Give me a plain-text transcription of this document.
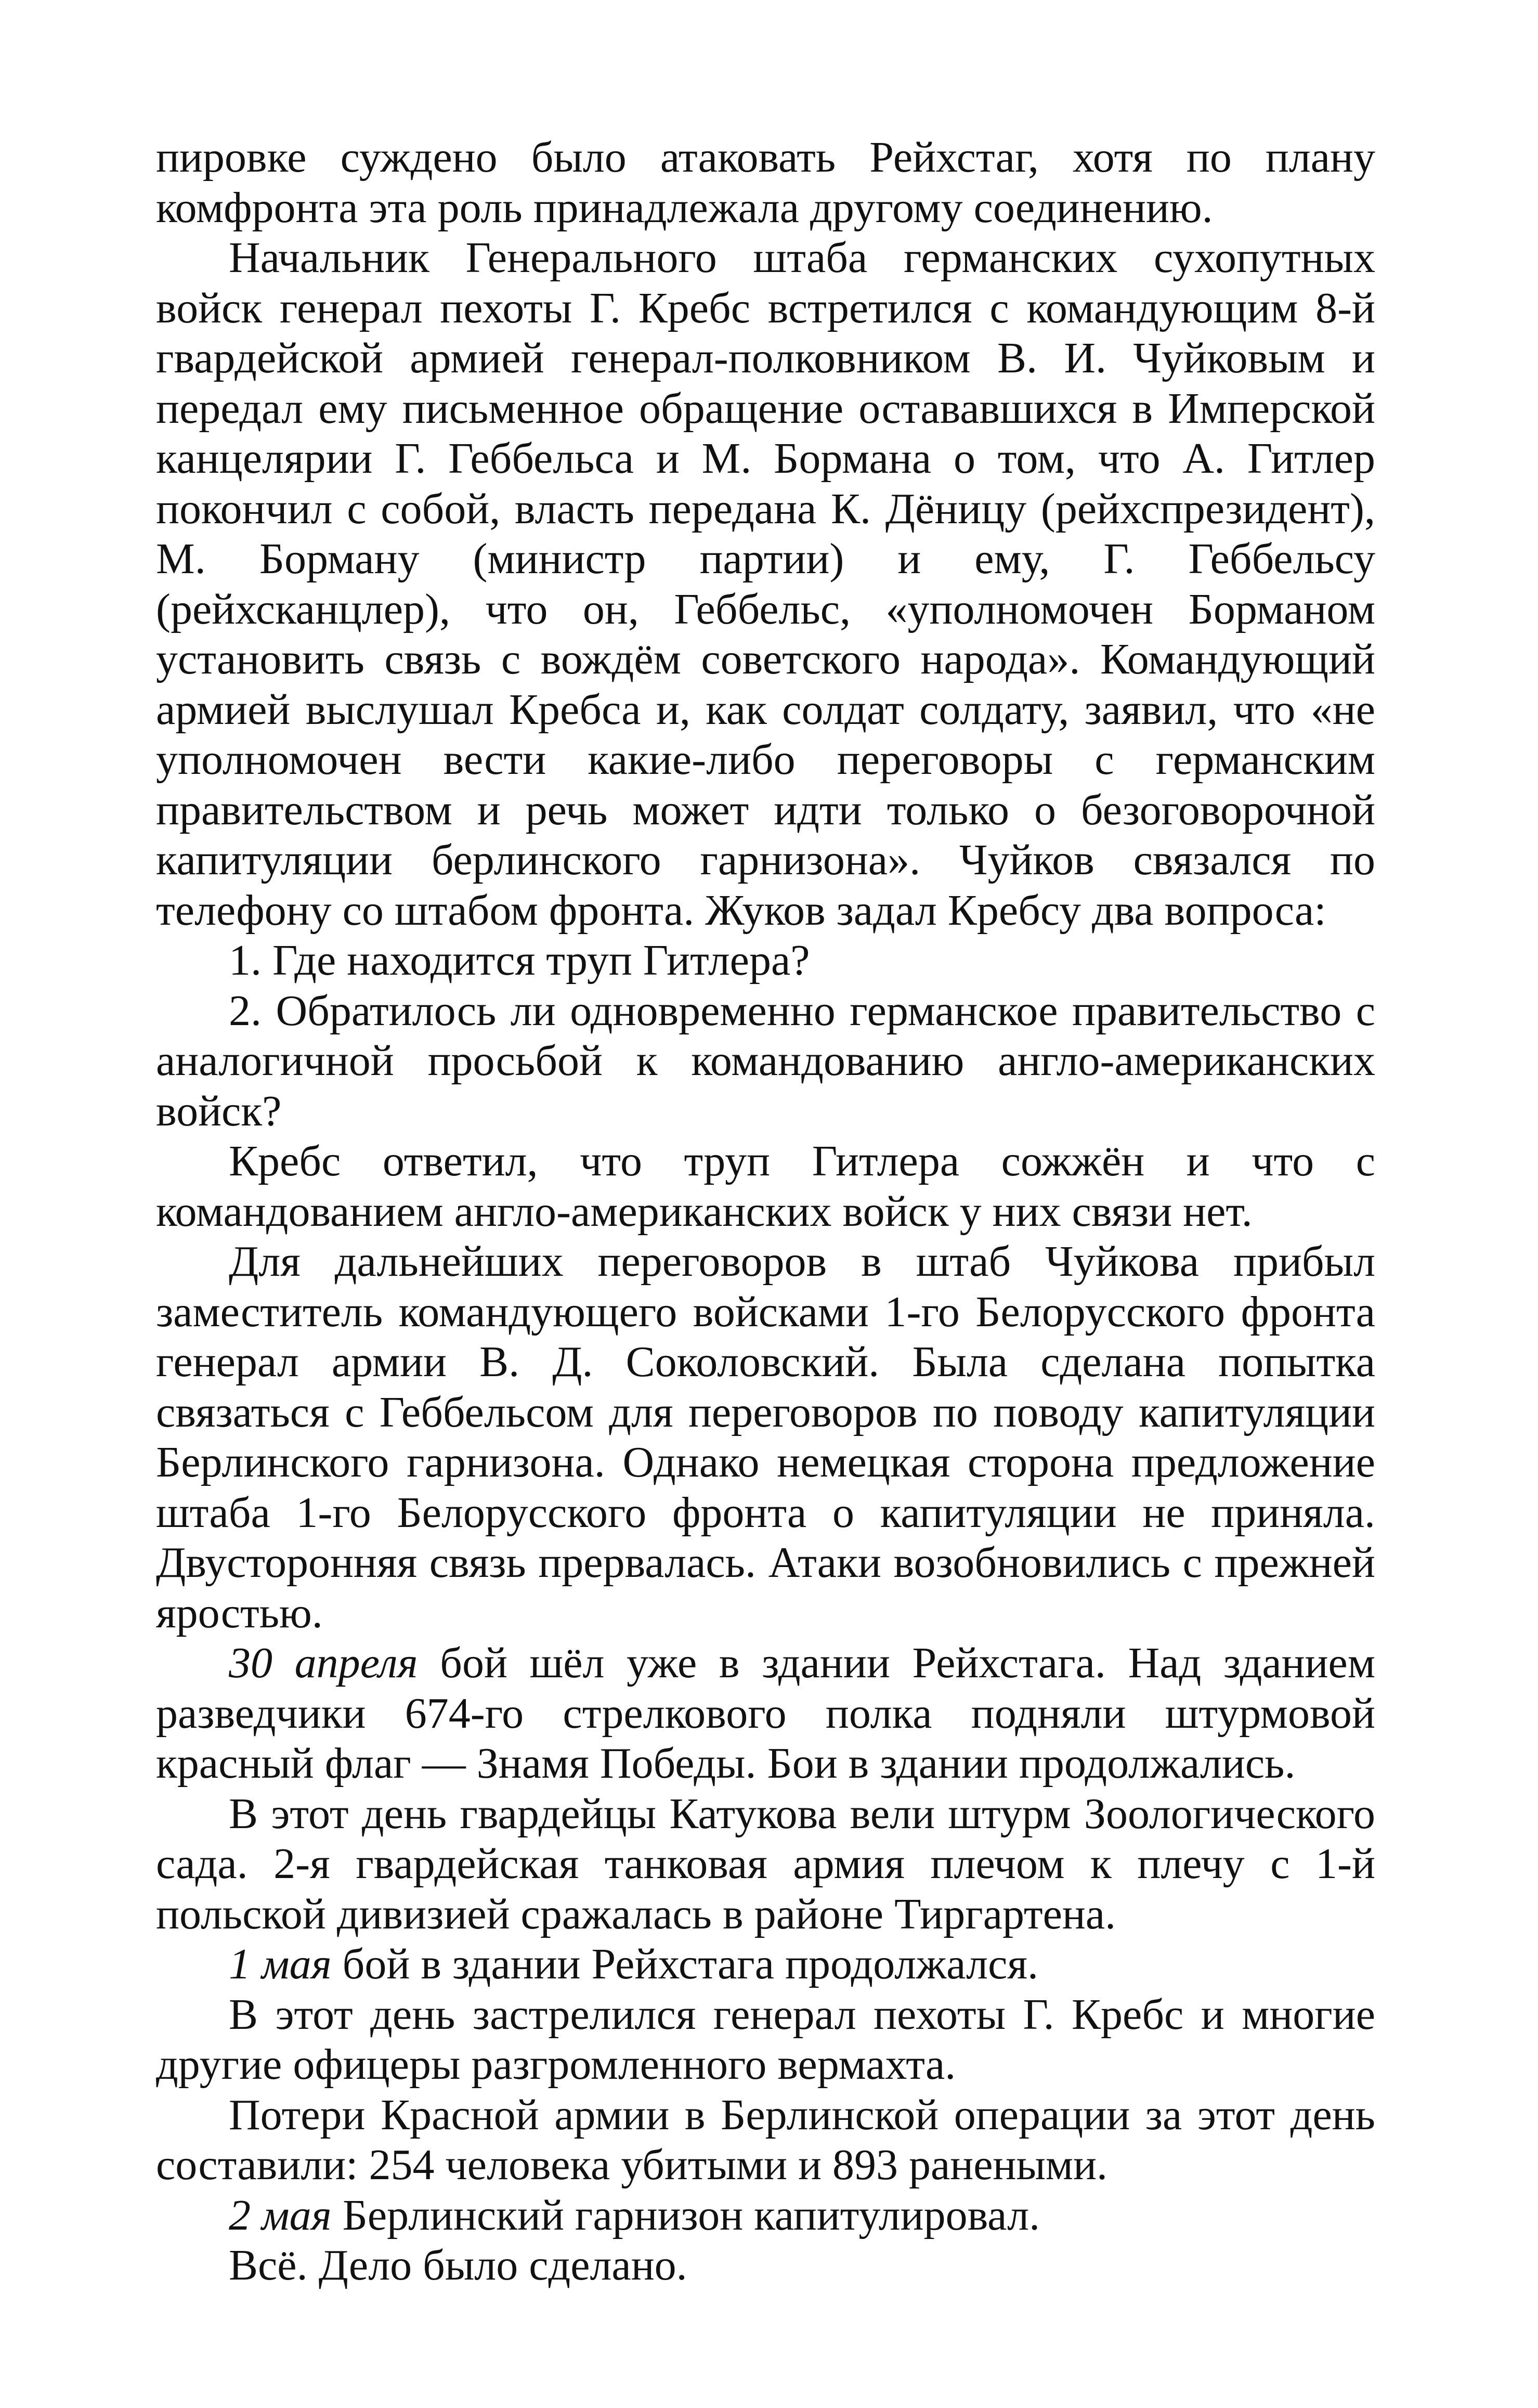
пировке суждено было атаковать Рейхстаг, хотя по плану комфронта эта роль принадлежала другому соединению.

Начальник Генерального штаба германских сухопутных войск генерал пехоты Г. Кребс встретился с командующим 8-й гвардейской армией генерал-полковником В. И. Чуйковым и передал ему письменное обращение остававшихся в Имперской канцелярии Г. Геббельса и М. Бормана о том, что А. Гитлер покончил с собой, власть передана К. Дёницу (рейхспрезидент), М. Борману (министр партии) и ему, Г. Геббельсу (рейхсканцлер), что он, Геббельс, «уполномочен Борманом установить связь с вождём советского народа». Командующий армией выслушал Кребса и, как солдат солдату, заявил, что «не уполномочен вести какие-либо переговоры с германским правительством и речь может идти только о безоговорочной капитуляции берлинского гарнизона». Чуйков связался по телефону со штабом фронта. Жуков задал Кребсу два вопроса:

1. Где находится труп Гитлера?

2. Обратилось ли одновременно германское правительство с аналогичной просьбой к командованию англо-американских войск?

Кребс ответил, что труп Гитлера сожжён и что с командованием англо-американских войск у них связи нет.

Для дальнейших переговоров в штаб Чуйкова прибыл заместитель командующего войсками 1-го Белорусского фронта генерал армии В. Д. Соколовский. Была сделана попытка связаться с Геббельсом для переговоров по поводу капитуляции Берлинского гарнизона. Однако немецкая сторона предложение штаба 1-го Белорусского фронта о капитуляции не приняла. Двусторонняя связь прервалась. Атаки возобновились с прежней яростью.

30 апреля бой шёл уже в здании Рейхстага. Над зданием разведчики 674-го стрелкового полка подняли штурмовой красный флаг — Знамя Победы. Бои в здании продолжались.

В этот день гвардейцы Катукова вели штурм Зоологического сада. 2-я гвардейская танковая армия плечом к плечу с 1-й польской дивизией сражалась в районе Тиргартена.

1 мая бой в здании Рейхстага продолжался.

В этот день застрелился генерал пехоты Г. Кребс и многие другие офицеры разгромленного вермахта.

Потери Красной армии в Берлинской операции за этот день составили: 254 человека убитыми и 893 ранеными.

2 мая Берлинский гарнизон капитулировал.

Всё. Дело было сделано.
